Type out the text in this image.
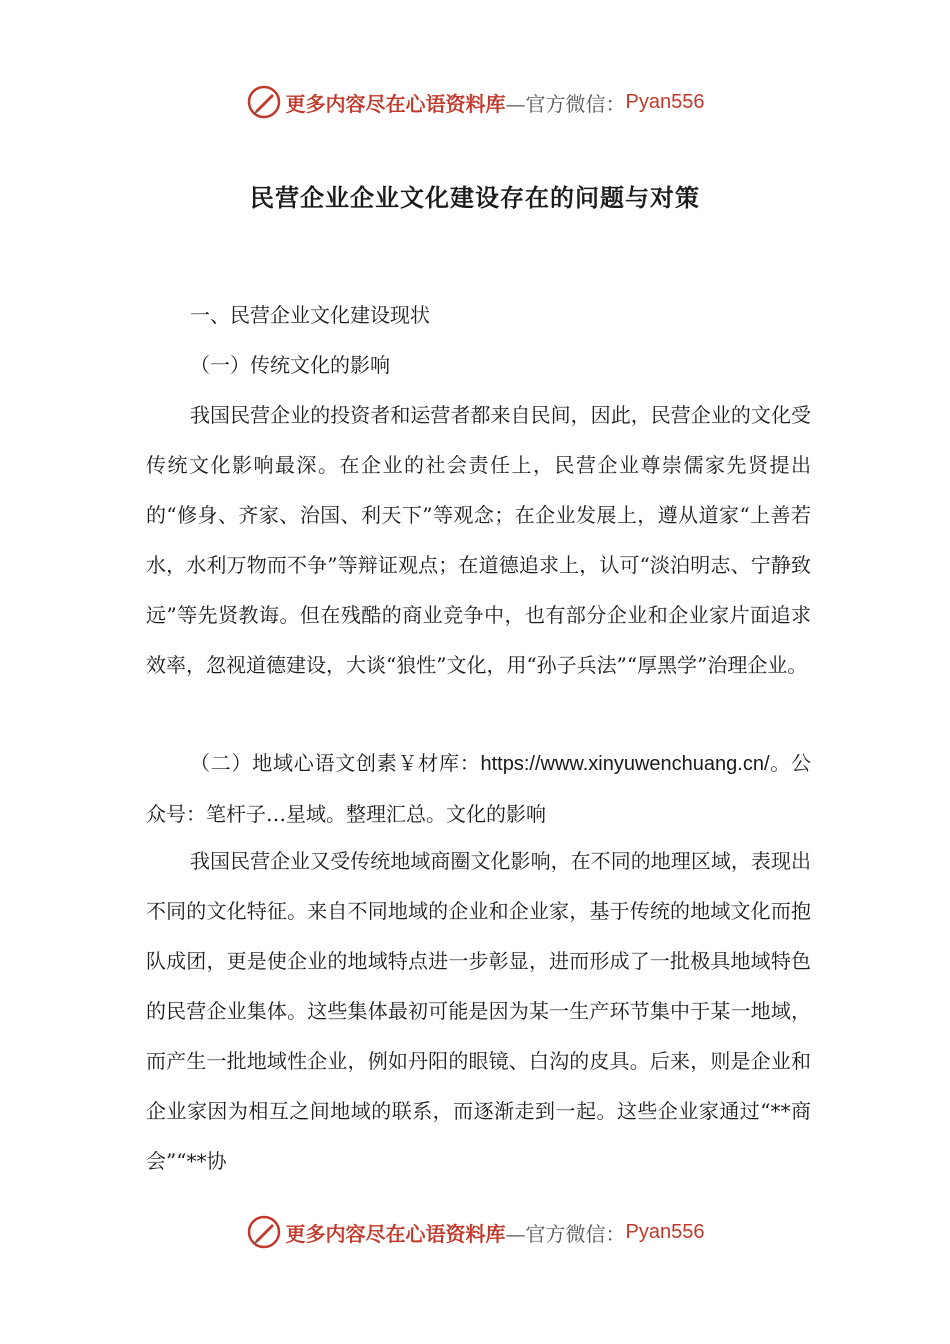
更多内容尽在心语资料库 —官方微信： Pyan556
民营企业企业文化建设存在的问题与对策

一、民营企业文化建设现状

（一）传统文化的影响

我国民营企业的投资者和运营者都来自民间，因此，民营企业的文化受传统文化影响最深。在企业的社会责任上，民营企业尊崇儒家先贤提出的“修身、齐家、治国、利天下”等观念；在企业发展上，遵从道家“上善若水，水利万物而不争”等辩证观点；在道德追求上，认可“淡泊明志、宁静致远”等先贤教诲。但在残酷的商业竞争中，也有部分企业和企业家片面追求效率，忽视道德建设，大谈“狼性”文化，用“孙子兵法”“厚黑学”治理企业。

（二）地域心语文创素￥材库：https://www.xinyuwenchuang.cn/。公众号：笔杆子…星域。整理汇总。文化的影响

我国民营企业又受传统地域商圈文化影响，在不同的地理区域，表现出不同的文化特征。来自不同地域的企业和企业家，基于传统的地域文化而抱队成团，更是使企业的地域特点进一步彰显，进而形成了一批极具地域特色的民营企业集体。这些集体最初可能是因为某一生产环节集中于某一地域，而产生一批地域性企业，例如丹阳的眼镜、白沟的皮具。后来，则是企业和企业家因为相互之间地域的联系，而逐渐走到一起。这些企业家通过“**商会”“**协

更多内容尽在心语资料库 —官方微信： Pyan556
